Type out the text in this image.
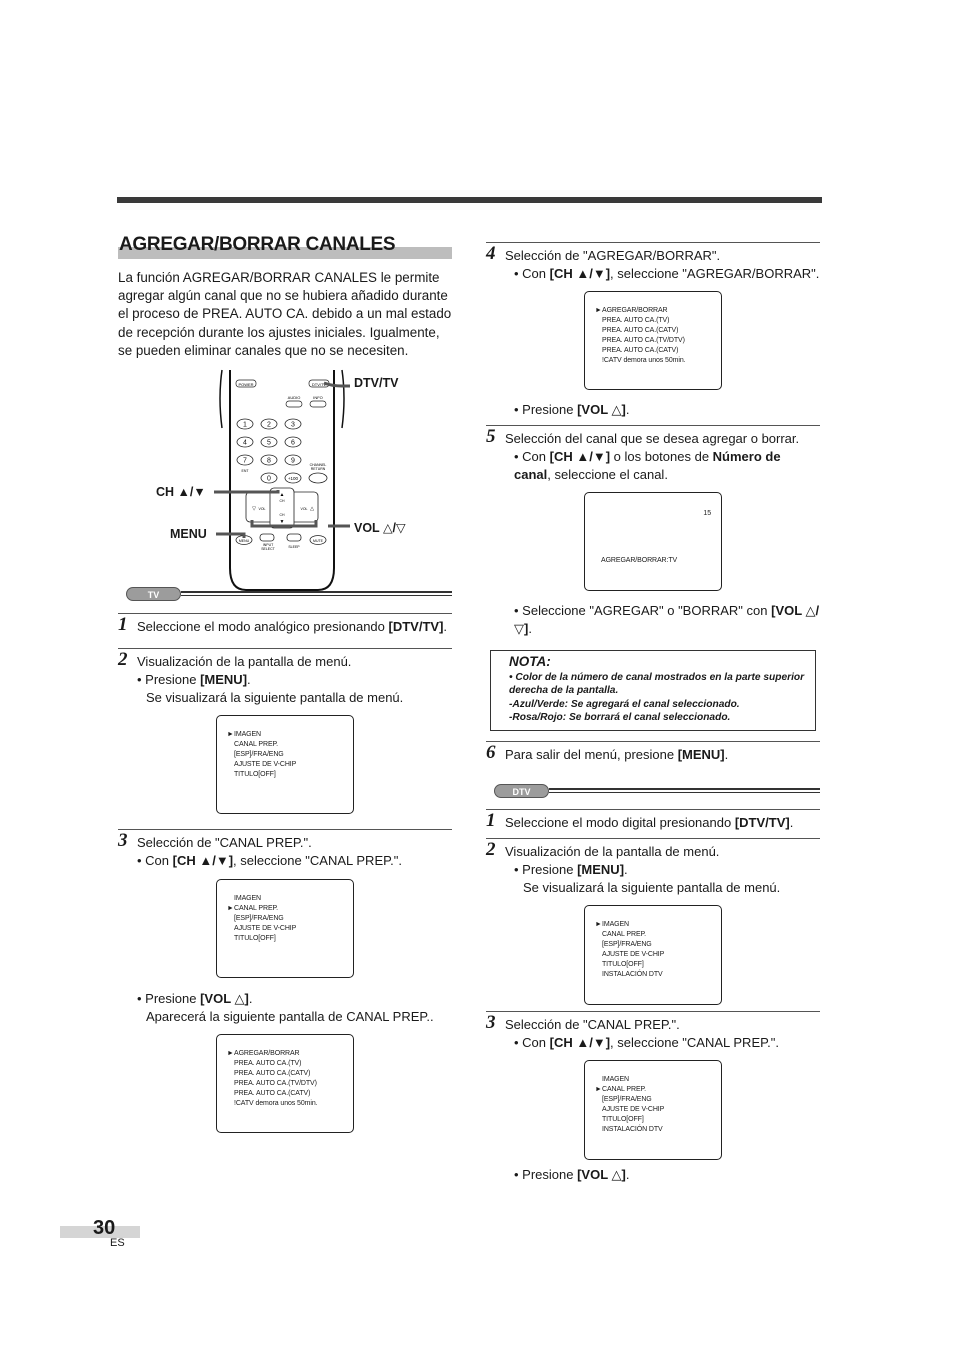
AGREGAR/BORRAR CANALES
La función AGREGAR/BORRAR CANALES le permite agregar algún canal que no se hubiera añadido durante el proceso de PREA. AUTO CA. debido a un mal estado de recepción durante los ajustes iniciales. Igualmente, se pueden eliminar canales que no se necesiten.
POWER	DTV/TV
AUDIO	INFO
1	2	3
4	5	6
7	8	9
0
ENT
+100
CHANNEL
RETURN
▲
CH
CH
▼
▽ VOL	VOL △
MENU
INPUT
SELECT	SLEEP
MUTE
DTV/TV
CH ▲/▼
MENU	VOL △/▽
TV
1 Seleccione el modo analógico presionando [DTV/TV].

2 Visualización de la pantalla de menú.

• Presione [MENU].

Se visualizará la siguiente pantalla de menú.

►IMAGEN
CANAL PREP.
[ESP]/FRA/ENG
AJUSTE DE V-CHIP
TITULO[OFF]
3 Selección de "CANAL PREP.".

• Con [CH ▲/▼], seleccione "CANAL PREP.".

IMAGEN
►CANAL PREP.
[ESP]/FRA/ENG
AJUSTE DE V-CHIP
TITULO[OFF]

• Presione [VOL △].

Aparecerá la siguiente pantalla de CANAL PREP..

►AGREGAR/BORRAR
PREA. AUTO CA.(TV)
PREA. AUTO CA.(CATV)
PREA. AUTO CA.(TV/DTV)
PREA. AUTO CA.(CATV)
!CATV demora unos 50min.
4 Selección de "AGREGAR/BORRAR".

• Con [CH ▲/▼], seleccione "AGREGAR/BORRAR".

►AGREGAR/BORRAR
PREA. AUTO CA.(TV)
PREA. AUTO CA.(CATV)
PREA. AUTO CA.(TV/DTV)
PREA. AUTO CA.(CATV)
!CATV demora unos 50min.

• Presione [VOL △].

5 Selección del canal que se desea agregar o borrar.

• Con [CH ▲/▼] o los botones de Número de canal, seleccione el canal.

15
AGREGAR/BORRAR:TV

• Seleccione "AGREGAR" o "BORRAR" con [VOL △/▽].

NOTA:
• Color de la número de canal mostrados en la parte superior derecha de la pantalla.
-Azul/Verde: Se agregará el canal seleccionado.
-Rosa/Rojo: Se borrará el canal seleccionado.
6 Para salir del menú, presione [MENU].

DTV
1 Seleccione el modo digital presionando [DTV/TV].

2 Visualización de la pantalla de menú.

• Presione [MENU].

Se visualizará la siguiente pantalla de menú.

►IMAGEN
CANAL PREP.
[ESP]/FRA/ENG
AJUSTE DE V-CHIP
TITULO[OFF]
INSTALACIÓN DTV
3 Selección de "CANAL PREP.".

• Con [CH ▲/▼], seleccione "CANAL PREP.".

IMAGEN
►CANAL PREP.
[ESP]/FRA/ENG
AJUSTE DE V-CHIP
TITULO[OFF]
INSTALACIÓN DTV

• Presione [VOL △].

30
ES
